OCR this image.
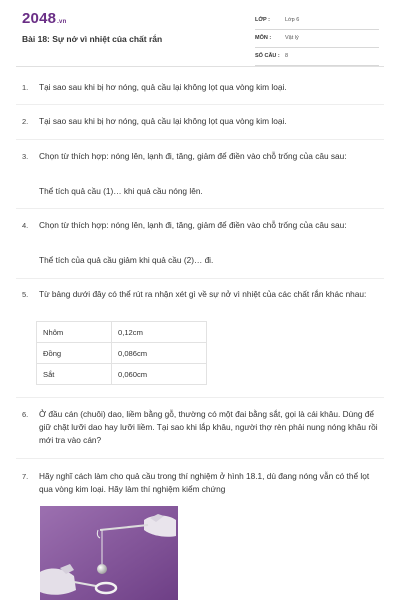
2048.vn
Bài 18: Sự nở vì nhiệt của chất rắn
LỚP :	Lớp 6
MÔN :	Vật lý
SỐ CÂU : 8
1.	Tại sao sau khi bị hơ nóng, quả cầu lại không lọt qua vòng kim loại.
2.	Tại sao sau khi bị hơ nóng, quả cầu lại không lọt qua vòng kim loại.
3.	Chọn từ thích hợp: nóng lên, lạnh đi, tăng, giảm để điền vào chỗ trống của câu sau:
Thể tích quả cầu (1)… khi quả cầu nóng lên.
4.	Chọn từ thích hợp: nóng lên, lạnh đi, tăng, giảm để điền vào chỗ trống của câu sau:
Thể tích của quả cầu giảm khi quả cầu (2)… đi.
5.	Từ bảng dưới đây có thể rút ra nhận xét gì về sự nở vì nhiệt của các chất rắn khác nhau:
Nhôm	0,12cm
Đồng	0,086cm
Sắt	0,060cm
6.	Ở đầu cán (chuôi) dao, liềm bằng gỗ, thường có một đai bằng sắt, gọi là cái khâu. Dùng để giữ chặt lưỡi dao hay lưỡi liềm. Tại sao khi lắp khâu, người thợ rèn phải nung nóng khâu rồi mới tra vào cán?
7.	Hãy nghĩ cách làm cho quả cầu trong thí nghiệm ở hình 18.1, dù đang nóng vẫn có thể lọt qua vòng kim loại. Hãy làm thí nghiệm kiểm chứng
